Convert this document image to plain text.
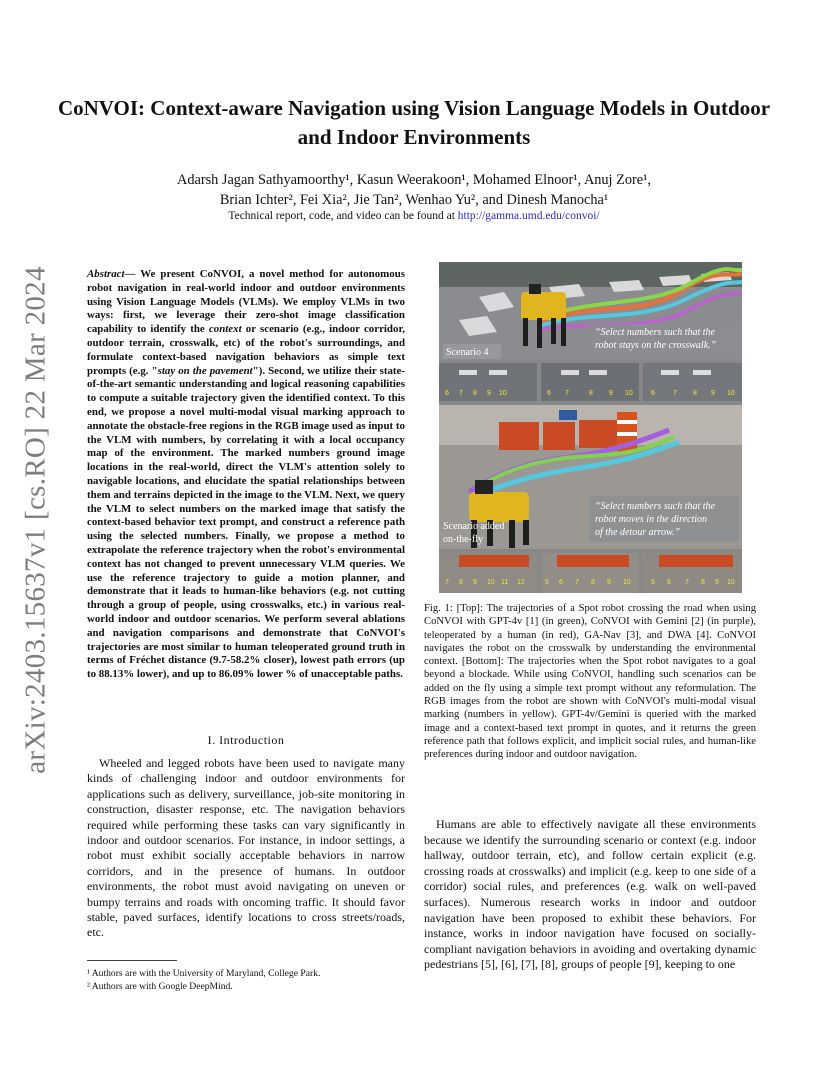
CoNVOI: Context-aware Navigation using Vision Language Models in Outdoor and Indoor Environments
Adarsh Jagan Sathyamoorthy¹, Kasun Weerakoon¹, Mohamed Elnoor¹, Anuj Zore¹,
Brian Ichter², Fei Xia², Jie Tan², Wenhao Yu², and Dinesh Manocha¹
Technical report, code, and video can be found at http://gamma.umd.edu/convoi/
arXiv:2403.15637v1 [cs.RO] 22 Mar 2024	Abstract— We present CoNVOI, a novel method for autonomous robot navigation in real-world indoor and outdoor environments using Vision Language Models (VLMs). We employ VLMs in two ways: first, we leverage their zero-shot image classification capability to identify the context or scenario (e.g., indoor corridor, outdoor terrain, crosswalk, etc) of the robot's surroundings, and formulate context-based navigation behaviors as simple text prompts (e.g. "stay on the pavement"). Second, we utilize their state-of-the-art semantic understanding and logical reasoning capabilities to compute a suitable trajectory given the identified context. To this end, we propose a novel multi-modal visual marking approach to annotate the obstacle-free regions in the RGB image used as input to the VLM with numbers, by correlating it with a local occupancy map of the environment. The marked numbers ground image locations in the real-world, direct the VLM's attention solely to navigable locations, and elucidate the spatial relationships between them and terrains depicted in the image to the VLM. Next, we query the VLM to select numbers on the marked image that satisfy the context-based behavior text prompt, and construct a reference path using the selected numbers. Finally, we propose a method to extrapolate the reference trajectory when the robot's environmental context has not changed to prevent unnecessary VLM queries. We use the reference trajectory to guide a motion planner, and demonstrate that it leads to human-like behaviors (e.g. not cutting through a group of people, using crosswalks, etc.) in various real-world indoor and outdoor scenarios. We perform several ablations and navigation comparisons and demonstrate that CoNVOI's trajectories are most similar to human teleoperated ground truth in terms of Fréchet distance (9.7-58.2% closer), lowest path errors (up to 88.13% lower), and up to 86.09% lower % of unacceptable paths.
I. Introduction
Wheeled and legged robots have been used to navigate many kinds of challenging indoor and outdoor environments for applications such as delivery, surveillance, job-site monitoring in construction, disaster response, etc. The navigation behaviors required while performing these tasks can vary significantly in indoor and outdoor scenarios. For instance, in indoor settings, a robot must exhibit socially acceptable behaviors in narrow corridors, and in the presence of humans. In outdoor environments, the robot must avoid navigating on uneven or bumpy terrains and roads with oncoming traffic. It should favor stable, paved surfaces, identify locations to cross streets/roads, etc.
¹ Authors are with the University of Maryland, College Park.
² Authors are with Google DeepMind.
“Select numbers such that the
robot stays on the crosswalk.”
Scenario 4
6 7 8 9 10	6 7	8 9 10	6	7 8 9 10
“Select numbers such that the
robot moves in the direction
of the detour arrow.”
Scenario added
on-the-fly
7 8 9 10 11 12	5 6 7 8 9 10	5 6 7 8 9 10
Fig. 1: [Top]: The trajectories of a Spot robot crossing the road when using CoNVOI with GPT-4v [1] (in green), CoNVOI with Gemini [2] (in purple), teleoperated by a human (in red), GA-Nav [3], and DWA [4]. CoNVOI navigates the robot on the crosswalk by understanding the environmental context. [Bottom]: The trajectories when the Spot robot navigates to a goal beyond a blockade. While using CoNVOI, handling such scenarios can be added on the fly using a simple text prompt without any reformulation. The RGB images from the robot are shown with CoNVOI's multi-modal visual marking (numbers in yellow). GPT-4v/Gemini is queried with the marked image and a context-based text prompt in quotes, and it returns the green reference path that follows explicit, and implicit social rules, and human-like preferences during indoor and outdoor navigation.
Humans are able to effectively navigate all these environments because we identify the surrounding scenario or context (e.g. indoor hallway, outdoor terrain, etc), and follow certain explicit (e.g. crossing roads at crosswalks) and implicit (e.g. keep to one side of a corridor) social rules, and preferences (e.g. walk on well-paved surfaces). Numerous research works in indoor and outdoor navigation have been proposed to exhibit these behaviors. For instance, works in indoor navigation have focused on socially-compliant navigation behaviors in avoiding and overtaking dynamic pedestrians [5], [6], [7], [8], groups of people [9], keeping to one
